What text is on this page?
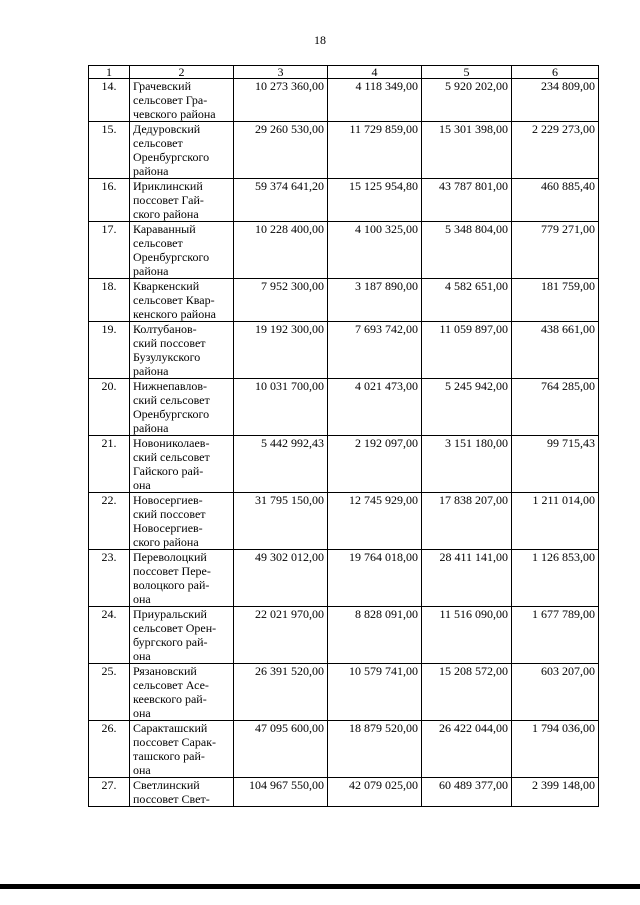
18
1	2	3	4	5	6
14.	Грачевский
сельсовет Гра-
чевского района	10 273 360,00	4 118 349,00	5 920 202,00	234 809,00
15.	Дедуровский
сельсовет
Оренбургского
района	29 260 530,00	11 729 859,00	15 301 398,00	2 229 273,00
16.	Ириклинский
поссовет Гай-
ского района	59 374 641,20	15 125 954,80	43 787 801,00	460 885,40
17.	Караванный
сельсовет
Оренбургского
района	10 228 400,00	4 100 325,00	5 348 804,00	779 271,00
18.	Кваркенский
сельсовет Квар-
кенского района	7 952 300,00	3 187 890,00	4 582 651,00	181 759,00
19.	Колтубанов-
ский поссовет
Бузулукского
района	19 192 300,00	7 693 742,00	11 059 897,00	438 661,00
20.	Нижнепавлов-
ский сельсовет
Оренбургского
района	10 031 700,00	4 021 473,00	5 245 942,00	764 285,00
21.	Новониколаев-
ский сельсовет
Гайского рай-
она	5 442 992,43	2 192 097,00	3 151 180,00	99 715,43
22.	Новосергиев-
ский поссовет
Новосергиев-
ского района	31 795 150,00	12 745 929,00	17 838 207,00	1 211 014,00
23.	Переволоцкий
поссовет Пере-
волоцкого рай-
она	49 302 012,00	19 764 018,00	28 411 141,00	1 126 853,00
24.	Приуральский
сельсовет Орен-
бургского рай-
она	22 021 970,00	8 828 091,00	11 516 090,00	1 677 789,00
25.	Рязановский
сельсовет Асе-
кеевского рай-
она	26 391 520,00	10 579 741,00	15 208 572,00	603 207,00
26.	Саракташский
поссовет Сарак-
ташского рай-
она	47 095 600,00	18 879 520,00	26 422 044,00	1 794 036,00
27.	Светлинский
поссовет Свет-	104 967 550,00	42 079 025,00	60 489 377,00	2 399 148,00
